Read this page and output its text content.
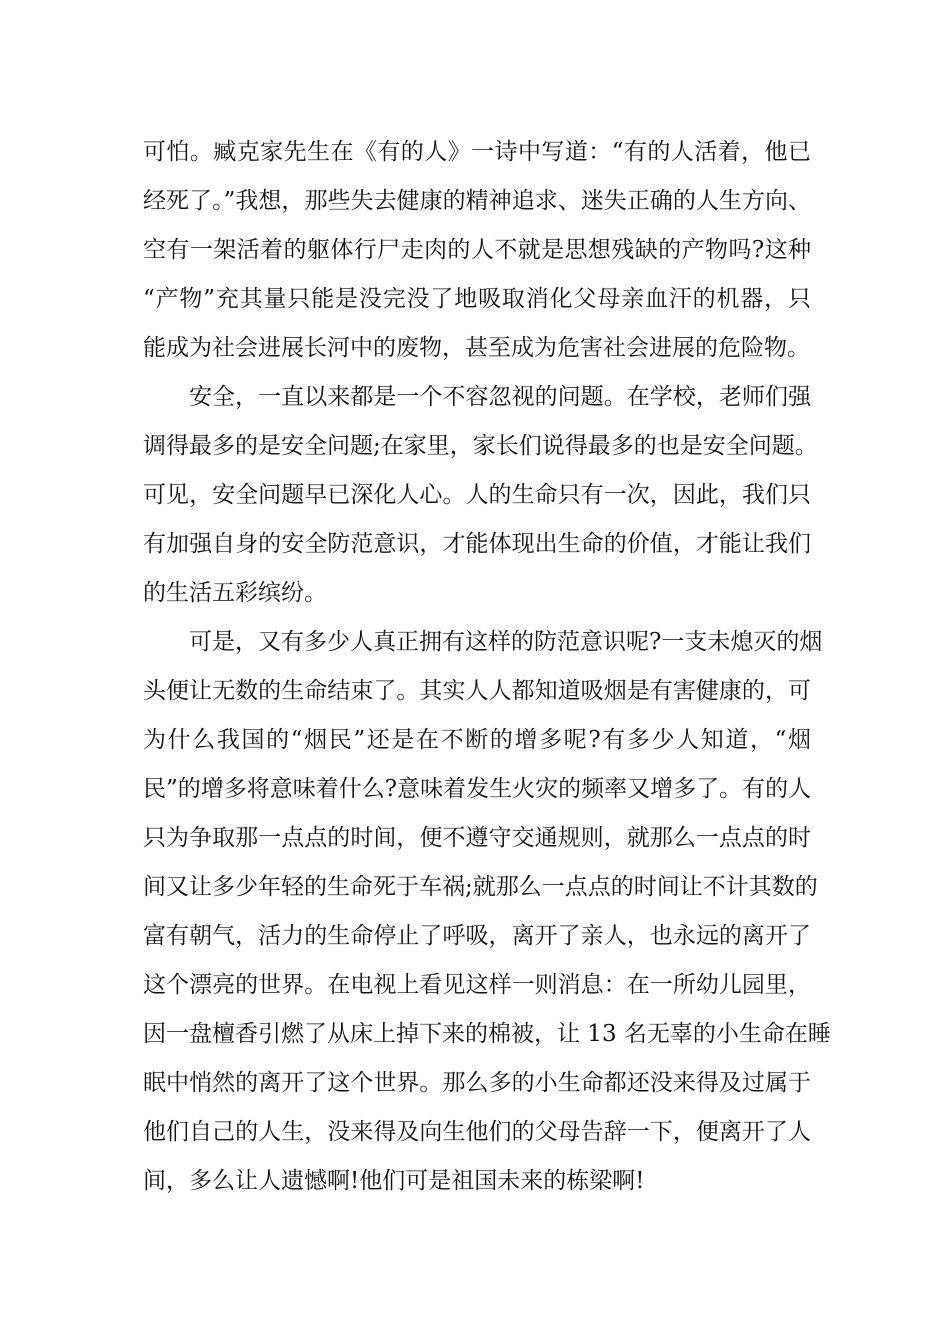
可怕。臧克家先生在《有的人》一诗中写道：“有的人活着，他已
经死了。”我想，那些失去健康的精神追求、迷失正确的人生方向、
空有一架活着的躯体行尸走肉的人不就是思想残缺的产物吗?这种
“产物”充其量只能是没完没了地吸取消化父母亲血汗的机器，只
能成为社会进展长河中的废物，甚至成为危害社会进展的危险物。
安全，一直以来都是一个不容忽视的问题。在学校，老师们强
调得最多的是安全问题;在家里，家长们说得最多的也是安全问题。
可见，安全问题早已深化人心。人的生命只有一次，因此，我们只
有加强自身的安全防范意识，才能体现出生命的价值，才能让我们
的生活五彩缤纷。
可是，又有多少人真正拥有这样的防范意识呢?一支未熄灭的烟
头便让无数的生命结束了。其实人人都知道吸烟是有害健康的，可
为什么我国的“烟民”还是在不断的增多呢?有多少人知道，“烟
民”的增多将意味着什么?意味着发生火灾的频率又增多了。有的人
只为争取那一点点的时间，便不遵守交通规则，就那么一点点的时
间又让多少年轻的生命死于车祸;就那么一点点的时间让不计其数的
富有朝气，活力的生命停止了呼吸，离开了亲人，也永远的离开了
这个漂亮的世界。在电视上看见这样一则消息：在一所幼儿园里，
因一盘檀香引燃了从床上掉下来的棉被，让 13 名无辜的小生命在睡
眠中悄然的离开了这个世界。那么多的小生命都还没来得及过属于
他们自己的人生，没来得及向生他们的父母告辞一下，便离开了人
间，多么让人遗憾啊!他们可是祖国未来的栋梁啊!
